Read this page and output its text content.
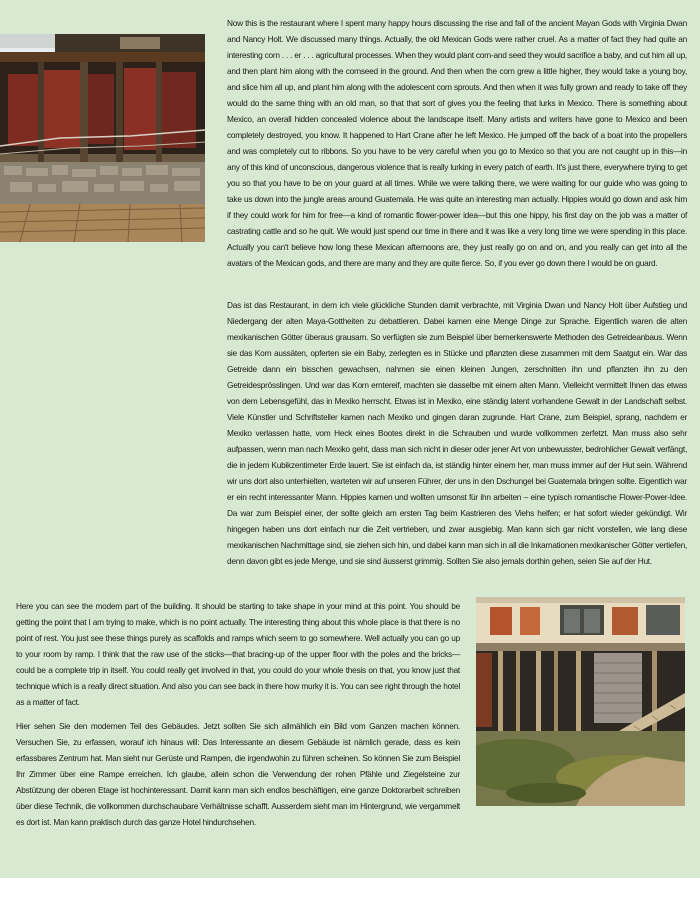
Now this is the restaurant where I spent many happy hours discussing the rise and fall of the ancient Mayan Gods with Virginia Dwan and Nancy Holt. We discussed many things. Actually, the old Mexican Gods were rather cruel. As a matter of fact they had quite an interesting corn . . . er . . . agricultural processes. When they would plant corn-and seed they would sacrifice a baby, and cut him all up, and then plant him along with the cornseed in the ground. And then when the corn grew a little higher, they would take a young boy, and slice him all up, and plant him along with the adolescent corn sprouts. And then when it was fully grown and ready to take off they would do the same thing with an old man, so that that sort of gives you the feeling that lurks in Mexico. There is something about Mexico, an overall hidden concealed violence about the landscape itself. Many artists and writers have gone to Mexico and been completely destroyed, you know. It happened to Hart Crane after he left Mexico. He jumped off the back of a boat into the propellers and was completely cut to ribbons. So you have to be very careful when you go to Mexico so that you are not caught up in this—in any of this kind of unconscious, dangerous violence that is really lurking in every patch of earth. It's just there, everywhere trying to get you so that you have to be on your guard at all times. While we were talking there, we were waiting for our guide who was going to take us down into the jungle areas around Guatemala. He was quite an interesting man actually. Hippies would go down and ask him if they could work for him for free—a kind of romantic flower-power idea—but this one hippy, his first day on the job was a matter of castrating cattle and so he quit. We would just spend our time in there and it was like a very long time we were spending in this place. Actually you can't believe how long these Mexican afternoons are, they just really go on and on, and you really can get into all the avatars of the Mexican gods, and there are many and they are quite fierce. So, if you ever go down there I would be on guard.

Das ist das Restaurant, in dem ich viele glückliche Stunden damit verbrachte, mit Virginia Dwan und Nancy Holt über Aufstieg und Niedergang der alten Maya-Gottheiten zu debattieren. Dabei kamen eine Menge Dinge zur Sprache. Eigentlich waren die alten mexikanischen Götter überaus grausam. So verfügten sie zum Beispiel über bemerkenswerte Methoden des Getreideanbaus. Wenn sie das Korn aussäten, opferten sie ein Baby, zerlegten es in Stücke und pflanzten diese zusammen mit dem Saatgut ein. War das Getreide dann ein bisschen gewachsen, nahmen sie einen kleinen Jungen, zerschnitten ihn und pflanzten ihn zu den Getreidesprösslingen. Und war das Korn erntereif, machten sie dasselbe mit einem alten Mann. Vielleicht vermittelt Ihnen das etwas von dem Lebensgefühl, das in Mexiko herrscht. Etwas ist in Mexiko, eine ständig latent vorhandene Gewalt in der Landschaft selbst. Viele Künstler und Schriftsteller kamen nach Mexiko und gingen daran zugrunde. Hart Crane, zum Beispiel, sprang, nachdem er Mexiko verlassen hatte, vom Heck eines Bootes direkt in die Schrauben und wurde vollkommen zerfetzt. Man muss also sehr aufpassen, wenn man nach Mexiko geht, dass man sich nicht in dieser oder jener Art von unbewusster, bedrohlicher Gewalt verfängt, die in jedem Kubikzentimeter Erde lauert. Sie ist einfach da, ist ständig hinter einem her, man muss immer auf der Hut sein. Während wir uns dort also unterhielten, warteten wir auf unseren Führer, der uns in den Dschungel bei Guatemala bringen sollte. Eigentlich war er ein recht interessanter Mann. Hippies kamen und wollten umsonst für ihn arbeiten – eine typisch romantische Flower-Power-Idee. Da war zum Beispiel einer, der sollte gleich am ersten Tag beim Kastrieren des Viehs helfen; er hat sofort wieder gekündigt. Wir hingegen haben uns dort einfach nur die Zeit vertrieben, und zwar ausgiebig. Man kann sich gar nicht vorstellen, wie lang diese mexikanischen Nachmittage sind, sie ziehen sich hin, und dabei kann man sich in all die Inkarnationen mexikanischer Götter vertiefen, denn davon gibt es jede Menge, und sie sind äusserst grimmig. Sollten Sie also jemals dorthin gehen, seien Sie auf der Hut.

Here you can see the modern part of the building. It should be starting to take shape in your mind at this point. You should be getting the point that I am trying to make, which is no point actually. The interesting thing about this whole place is that there is no point of rest. You just see these things purely as scaffolds and ramps which seem to go somewhere. Well actually you can go up to your room by ramp. I think that the raw use of the sticks—that bracing-up of the upper floor with the poles and the bricks—could be a complete trip in itself. You could really get involved in that, you could do your whole thesis on that, you know just that technique which is a really direct situation. And also you can see back in there how murky it is. You can see right through the hotel as a matter of fact.

Hier sehen Sie den modernen Teil des Gebäudes. Jetzt sollten Sie sich allmählich ein Bild vom Ganzen machen können. Versuchen Sie, zu erfassen, worauf ich hinaus will: Das Interessante an diesem Gebäude ist nämlich gerade, dass es kein erfassbares Zentrum hat. Man sieht nur Gerüste und Rampen, die irgendwohin zu führen scheinen. So können Sie zum Beispiel Ihr Zimmer über eine Rampe erreichen. Ich glaube, allein schon die Verwendung der rohen Pfähle und Ziegelsteine zur Abstützung der oberen Etage ist hochinteressant. Damit kann man sich endlos beschäftigen, eine ganze Doktorarbeit schreiben über diese Technik, die vollkommen durchschaubare Verhältnisse schafft. Ausserdem sieht man im Hintergrund, wie vergammelt es dort ist. Man kann praktisch durch das ganze Hotel hindurchsehen.
